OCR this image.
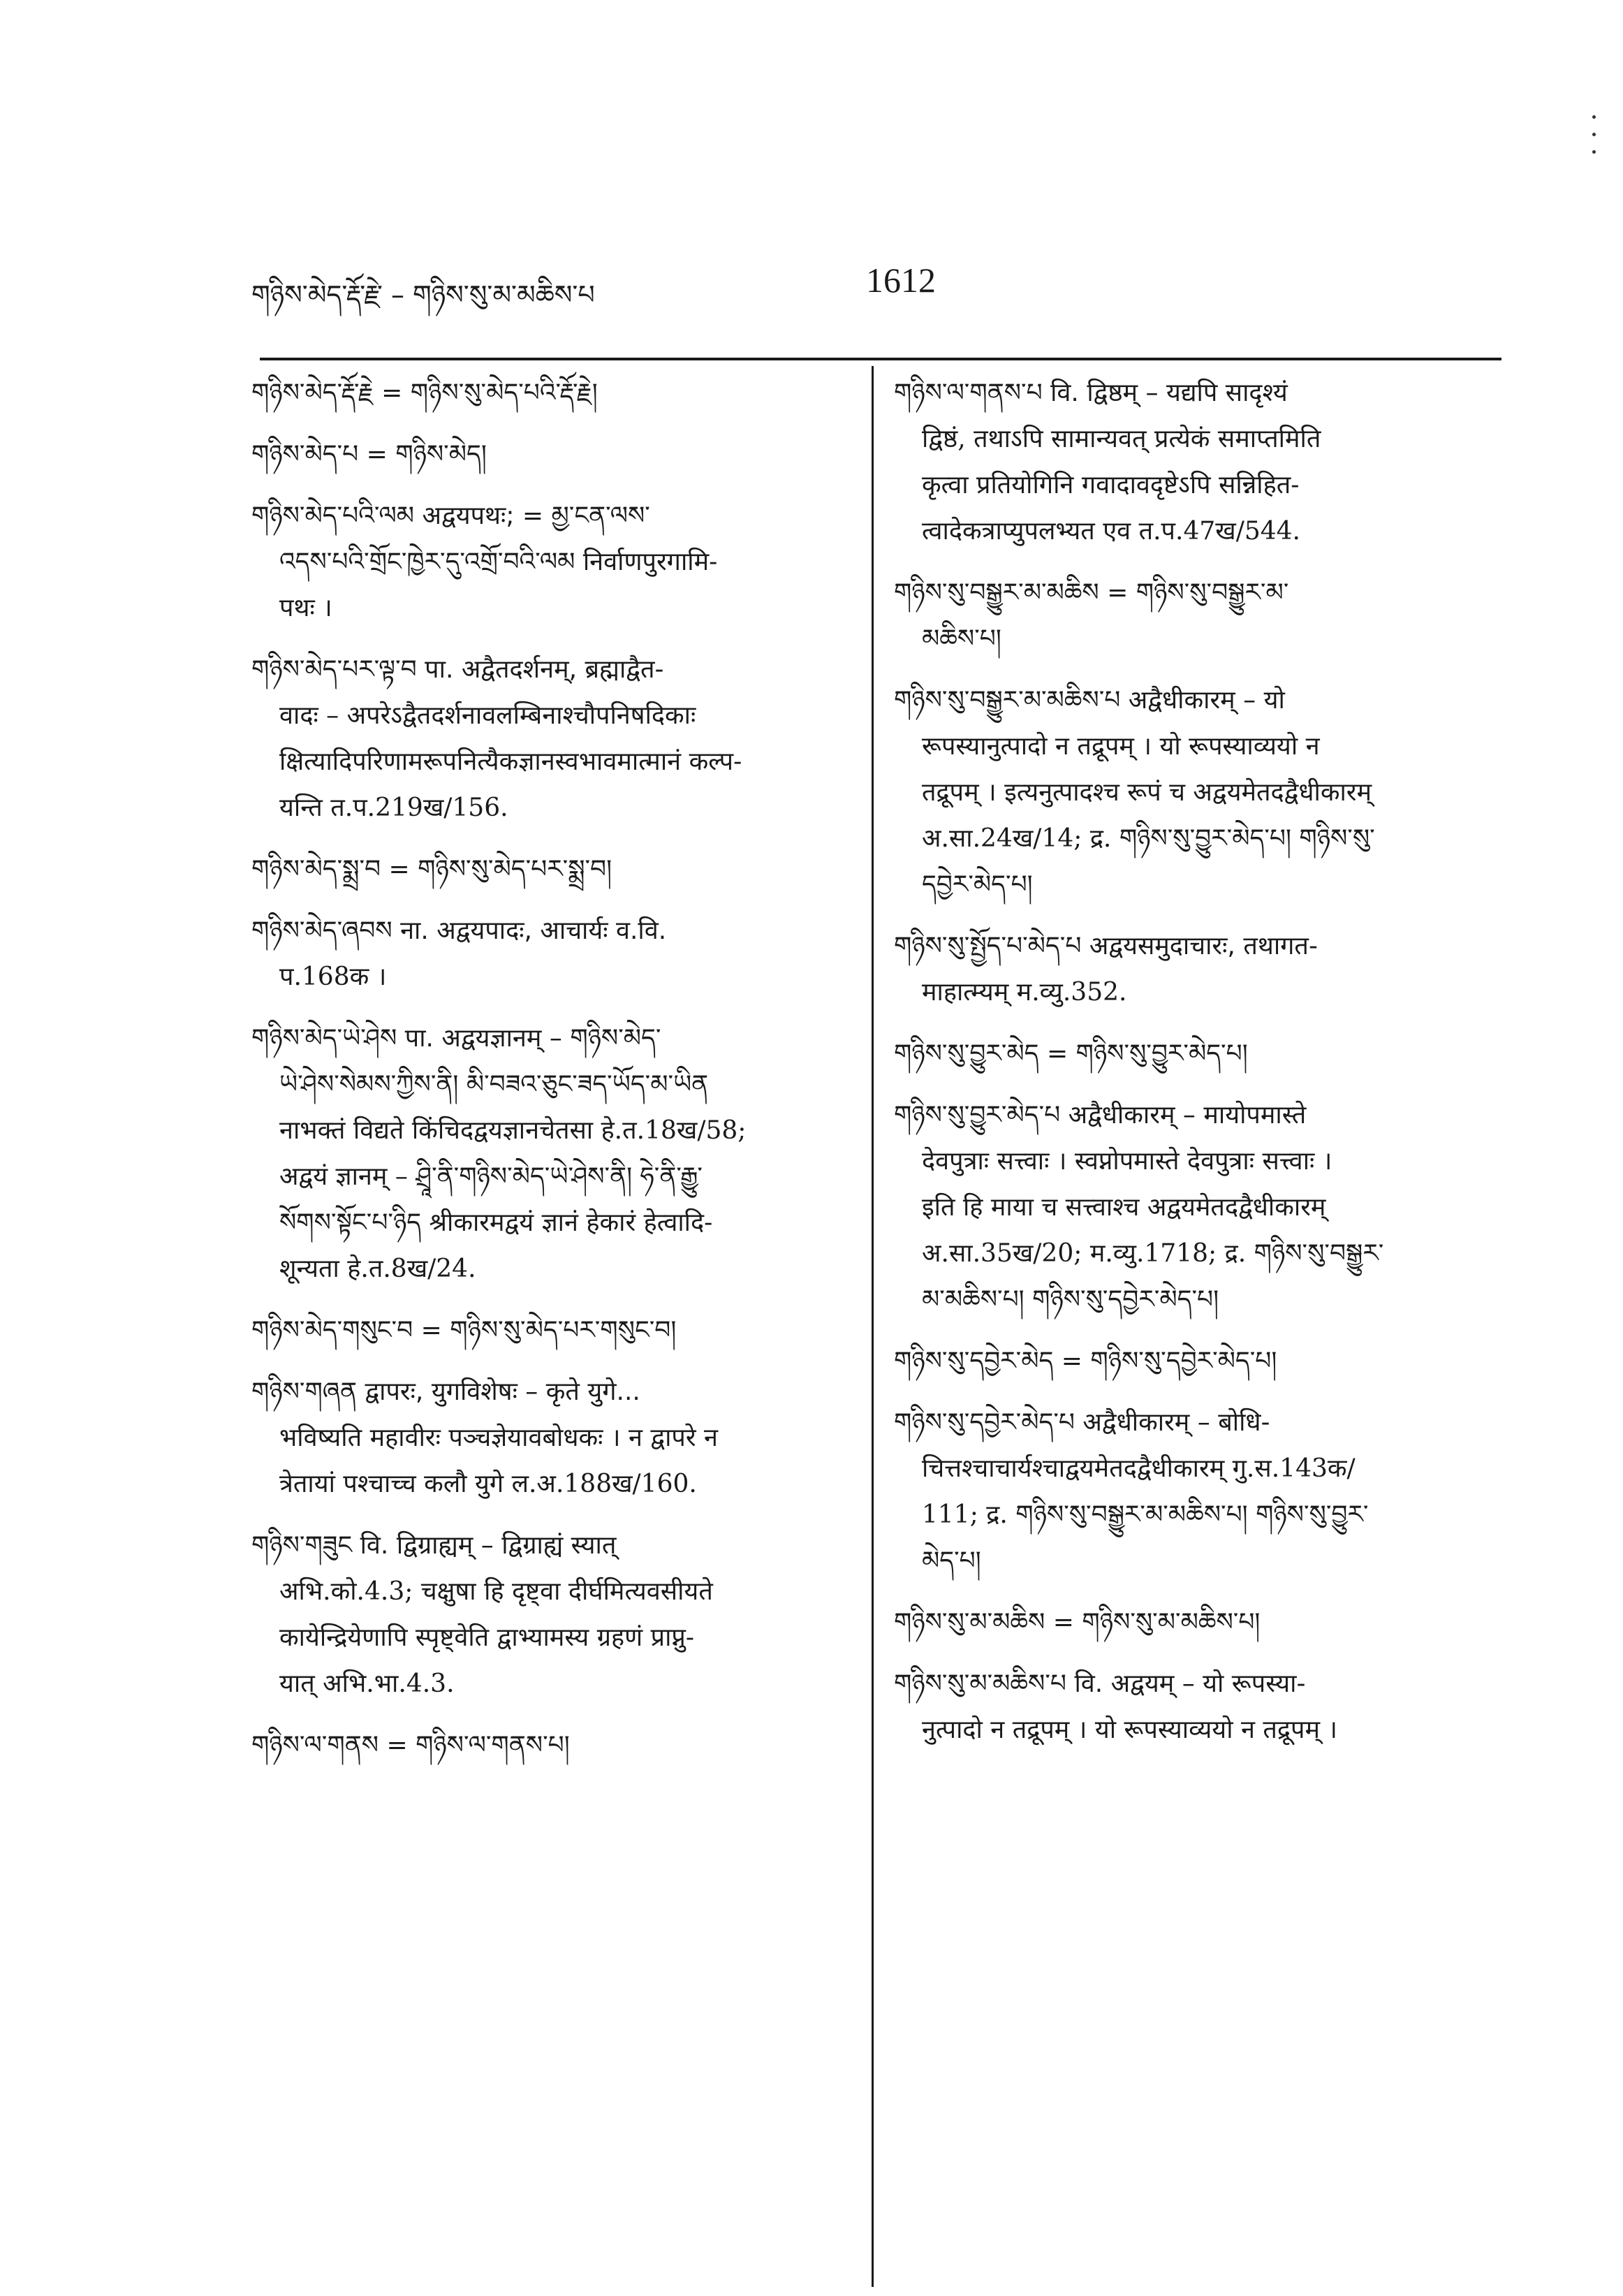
གཉིས་མེད་རྡོ་རྗེ་ – གཉིས་སུ་མ་མཆིས་པ	1612
གཉིས་མེད་རྡོ་རྗེ = གཉིས་སུ་མེད་པའི་རྡོ་རྗེ།
གཉིས་མེད་པ = གཉིས་མེད།
གཉིས་མེད་པའི་ལམ अद्वयपथः; = མྱ་ངན་ལས་
འདས་པའི་གྲོང་ཁྱེར་དུ་འགྲོ་བའི་ལམ निर्वाणपुरगामि-
पथः ।
གཉིས་མེད་པར་ལྟ་བ पा. अद्वैतदर्शनम्, ब्रह्माद्वैत-
वादः – अपरेऽद्वैतदर्शनावलम्बिनाश्चौपनिषदिकाः
क्षित्यादिपरिणामरूपनित्यैकज्ञानस्वभावमात्मानं कल्प-
यन्ति त.प.219ख/156.
གཉིས་མེད་སྨྲ་བ = གཉིས་སུ་མེད་པར་སྨྲ་བ།
གཉིས་མེད་ཞབས ना. अद्वयपादः, आचार्यः व.वि.
प.168क ।
གཉིས་མེད་ཡེ་ཤེས पा. अद्वयज्ञानम् – གཉིས་མེད་
ཡེ་ཤེས་སེམས་ཀྱིས་ནི། མི་བཟའ་ཅུང་ཟད་ཡོད་མ་ཡིན
नाभक्तं विद्यते किंचिदद्वयज्ञानचेतसा हे.त.18ख/58;
अद्वयं ज्ञानम् – ཤྲཱི་ནི་གཉིས་མེད་ཡེ་ཤེས་ནི། ཧེ་ནི་རྒྱུ་
སོགས་སྟོང་པ་ཉིད श्रीकारमद्वयं ज्ञानं हेकारं हेत्वादि-
शून्यता हे.त.8ख/24.
གཉིས་མེད་གསུང་བ = གཉིས་སུ་མེད་པར་གསུང་བ།
གཉིས་གཞན द्वापरः, युगविशेषः – कृते युगे...
भविष्यति महावीरः पञ्चज्ञेयावबोधकः । न द्वापरे न
त्रेतायां पश्चाच्च कलौ युगे ल.अ.188ख/160.
གཉིས་གཟུང वि. द्विग्राह्यम् – द्विग्राह्यं स्यात्
अभि.को.4.3; चक्षुषा हि दृष्ट्वा दीर्घमित्यवसीयते
कायेन्द्रियेणापि स्पृष्ट्वेति द्वाभ्यामस्य ग्रहणं प्राप्नु-
यात् अभि.भा.4.3.
གཉིས་ལ་གནས = གཉིས་ལ་གནས་པ།
གཉིས་ལ་གནས་པ वि. द्विष्ठम् – यद्यपि सादृश्यं
द्विष्ठं, तथाऽपि सामान्यवत् प्रत्येकं समाप्तमिति
कृत्वा प्रतियोगिनि गवादावदृष्टेऽपि सन्निहित-
त्वादेकत्राप्युपलभ्यत एव त.प.47ख/544.
གཉིས་སུ་བསྒྱུར་མ་མཆིས = གཉིས་སུ་བསྒྱུར་མ་
མཆིས་པ།
གཉིས་སུ་བསྒྱུར་མ་མཆིས་པ अद्वैधीकारम् – यो
रूपस्यानुत्पादो न तद्रूपम् । यो रूपस्याव्ययो न
तद्रूपम् । इत्यनुत्पादश्च रूपं च अद्वयमेतदद्वैधीकारम्
अ.सा.24ख/14; द्र. གཉིས་སུ་བྱུར་མེད་པ། གཉིས་སུ་
དབྱེར་མེད་པ།
གཉིས་སུ་སྤྱོད་པ་མེད་པ अद्वयसमुदाचारः, तथागत-
माहात्म्यम् म.व्यु.352.
གཉིས་སུ་བྱུར་མེད = གཉིས་སུ་བྱུར་མེད་པ།
གཉིས་སུ་བྱུར་མེད་པ अद्वैधीकारम् – मायोपमास्ते
देवपुत्राः सत्त्वाः । स्वप्नोपमास्ते देवपुत्राः सत्त्वाः ।
इति हि माया च सत्त्वाश्च अद्वयमेतदद्वैधीकारम्
अ.सा.35ख/20; म.व्यु.1718; द्र. གཉིས་སུ་བསྒྱུར་
མ་མཆིས་པ། གཉིས་སུ་དབྱེར་མེད་པ།
གཉིས་སུ་དབྱེར་མེད = གཉིས་སུ་དབྱེར་མེད་པ།
གཉིས་སུ་དབྱེར་མེད་པ अद्वैधीकारम् – बोधि-
चित्तश्चाचार्यश्चाद्वयमेतदद्वैधीकारम् गु.स.143क/
111; द्र. གཉིས་སུ་བསྒྱུར་མ་མཆིས་པ། གཉིས་སུ་བྱུར་
མེད་པ།
གཉིས་སུ་མ་མཆིས = གཉིས་སུ་མ་མཆིས་པ།
གཉིས་སུ་མ་མཆིས་པ वि. अद्वयम् – यो रूपस्या-
नुत्पादो न तद्रूपम् । यो रूपस्याव्ययो न तद्रूपम् ।
